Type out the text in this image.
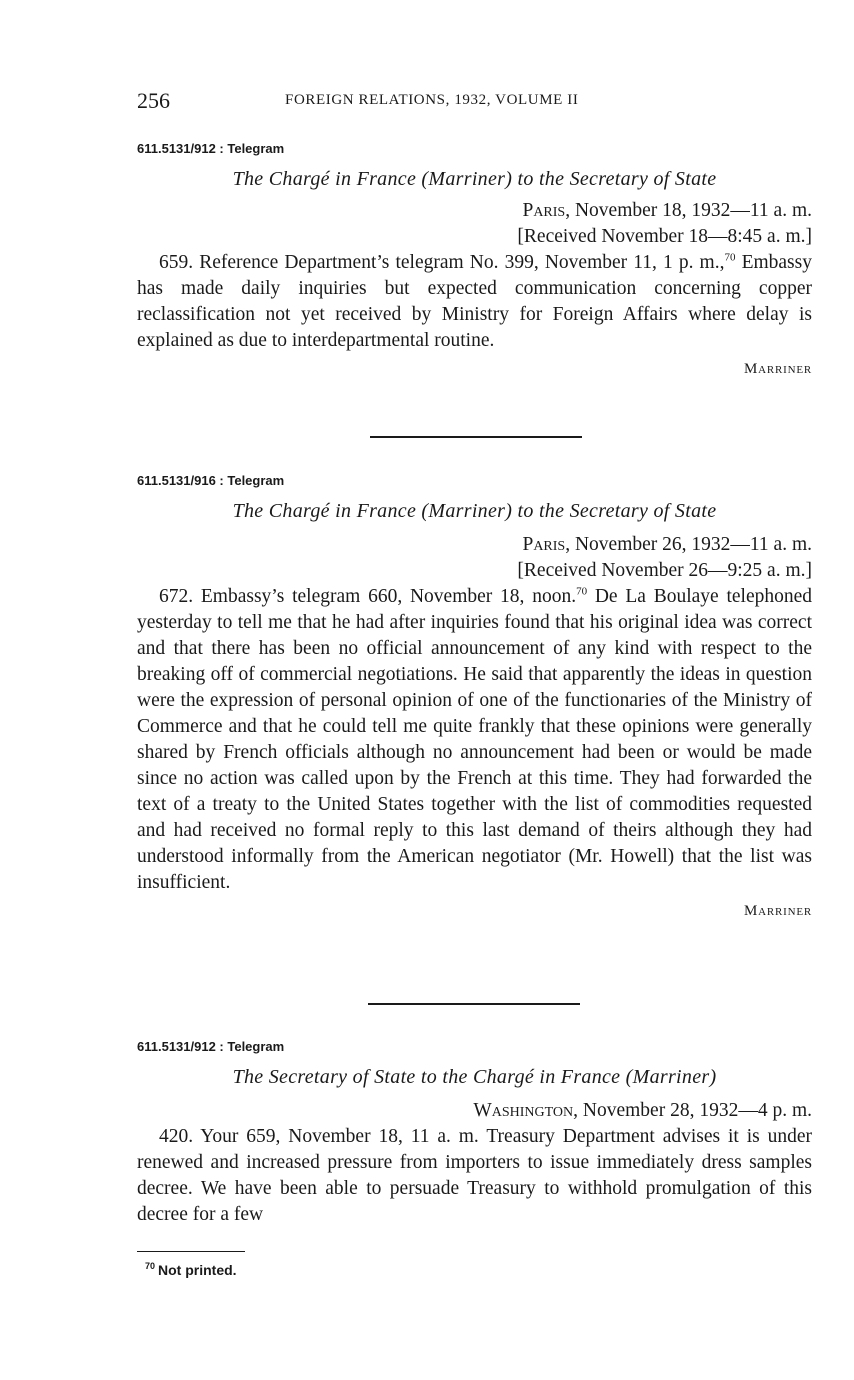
256	FOREIGN RELATIONS, 1932, VOLUME II
611.5131/912 : Telegram
The Chargé in France (Marriner) to the Secretary of State
Paris, November 18, 1932—11 a. m.
[Received November 18—8:45 a. m.]

659. Reference Department’s telegram No. 399, November 11, 1 p. m.,$^{70}$ Embassy has made daily inquiries but expected communication concerning copper reclassification not yet received by Ministry for Foreign Affairs where delay is explained as due to interdepartmental routine.

Marriner
611.5131/916 : Telegram
The Chargé in France (Marriner) to the Secretary of State
Paris, November 26, 1932—11 a. m.
[Received November 26—9:25 a. m.]

672. Embassy’s telegram 660, November 18, noon.$^{70}$ De La Boulaye telephoned yesterday to tell me that he had after inquiries found that his original idea was correct and that there has been no official announcement of any kind with respect to the breaking off of commercial negotiations. He said that apparently the ideas in question were the expression of personal opinion of one of the functionaries of the Ministry of Commerce and that he could tell me quite frankly that these opinions were generally shared by French officials although no announcement had been or would be made since no action was called upon by the French at this time. They had forwarded the text of a treaty to the United States together with the list of commodities requested and had received no formal reply to this last demand of theirs although they had understood informally from the American negotiator (Mr. Howell) that the list was insufficient.

Marriner
611.5131/912 : Telegram
The Secretary of State to the Chargé in France (Marriner)
Washington, November 28, 1932—4 p. m.

420. Your 659, November 18, 11 a. m. Treasury Department advises it is under renewed and increased pressure from importers to issue immediately dress samples decree. We have been able to persuade Treasury to withhold promulgation of this decree for a few

$^{70}$ Not printed.
